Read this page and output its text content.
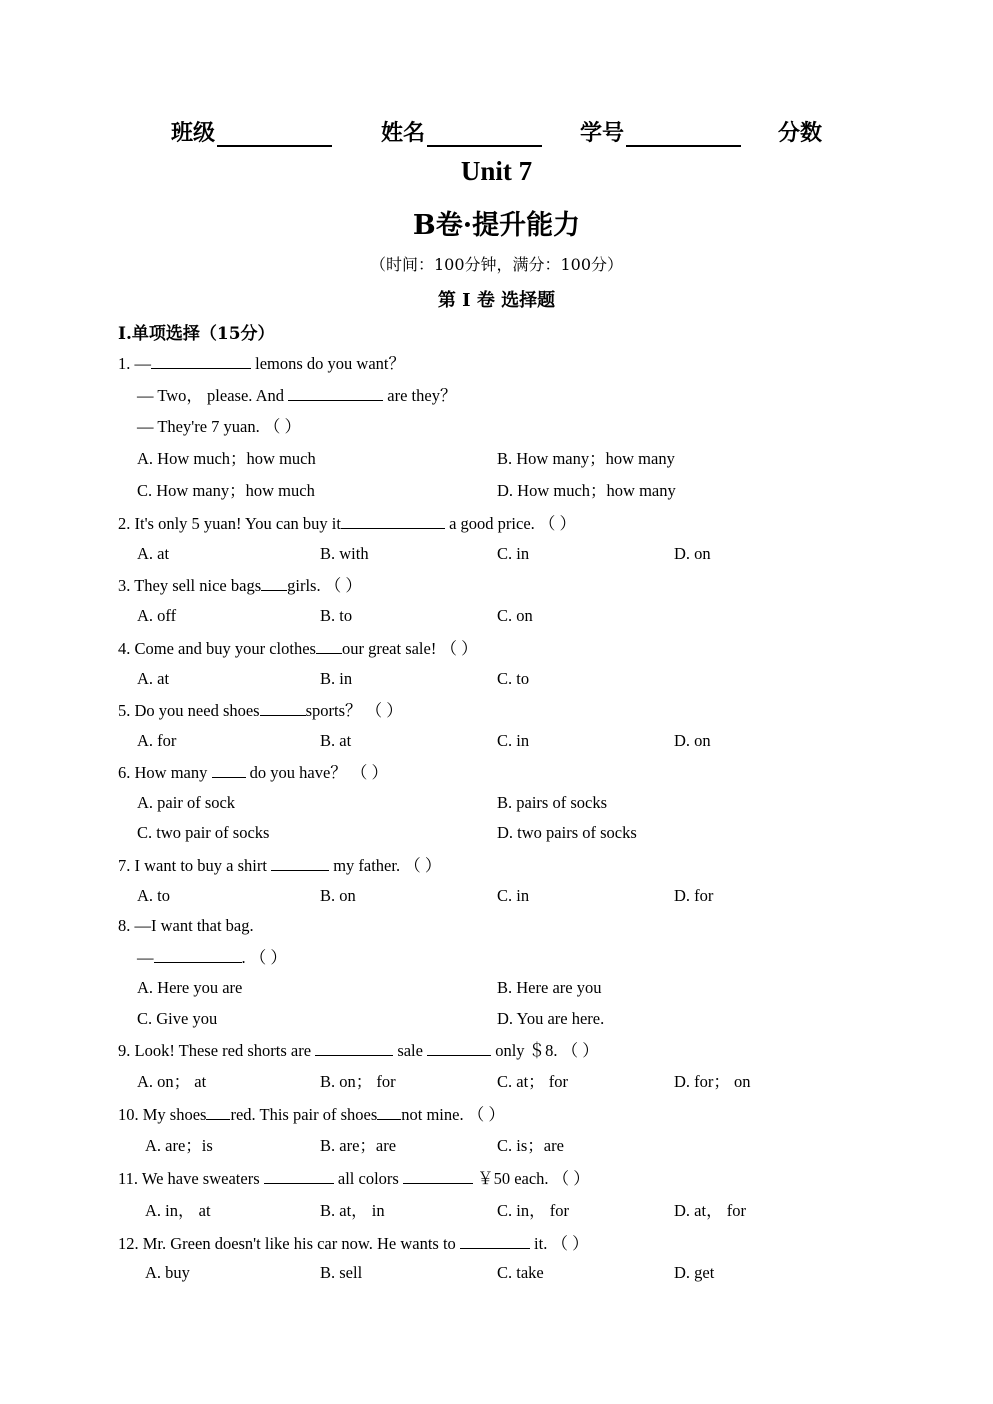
班级	姓名	学号	分数
Unit 7
B卷·提升能力
（时间：100分钟，满分：100分）
第 I 卷 选择题
I.单项选择（15分）
1. —	lemons do you want？
— Two， please. And	are they？
— They're 7 yuan. （ ）
A. How much；how much	B. How many；how many
C. How many；how much	D. How much；how many
2. It's only 5 yuan! You can buy it	a good price. （ ）
A. at	B. with	C. in	D. on
3. They sell nice bags girls. （ ）
A. off	B. to	C. on
4. Come and buy your clothes our great sale! （ ）
A. at	B. in	C. to
5. Do you need shoes	sports？ （ ）
A. for	B. at	C. in	D. on
6. How many  do you have？ （ ）
A. pair of sock	B. pairs of socks
C. two pair of socks	D. two pairs of socks
7. I want to buy a shirt	my father. （ ）
A. to	B. on	C. in	D. for
8. —I want that bag.
—	. （ ）
A. Here you are	B. Here are you
C. Give you	D. You are here.
9. Look! These red shorts are	sale	only ＄8. （ ）
A. on； at	B. on； for	C. at； for	D. for； on
10. My shoes red. This pair of shoes not mine. （ ）
A. are；is	B. are；are	C. is；are
11. We have sweaters	all colors	￥50 each. （ ）
A. in， at	B. at， in	C. in， for	D. at， for
12. Mr. Green doesn't like his car now. He wants to	it. （ ）
A. buy	B. sell	C. take	D. get
